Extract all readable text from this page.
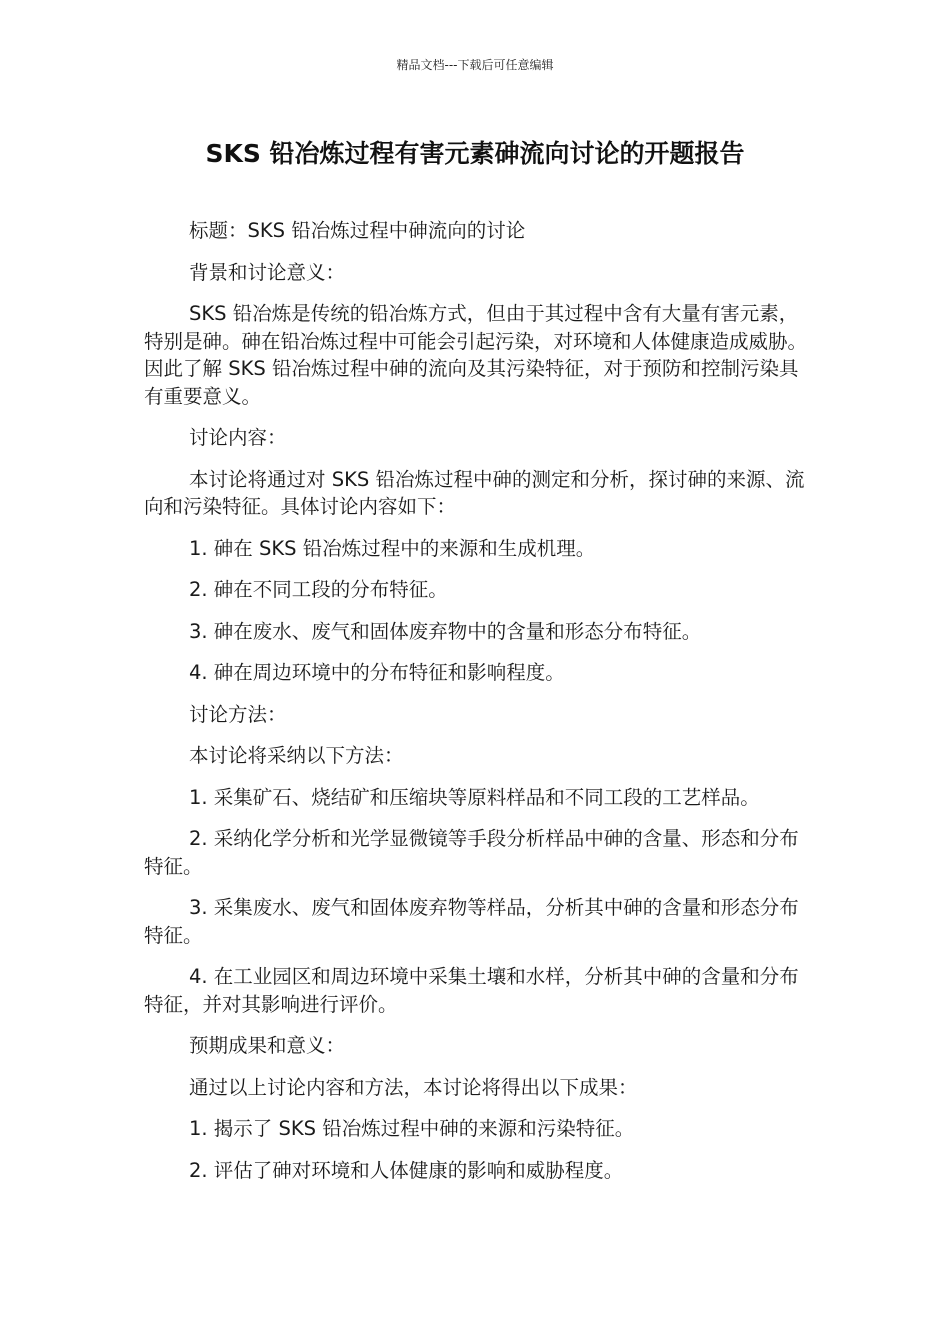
精品文档---下载后可任意编辑
SKS 铅冶炼过程有害元素砷流向讨论的开题报告

标题：SKS 铅冶炼过程中砷流向的讨论

背景和讨论意义：

SKS 铅冶炼是传统的铅冶炼方式，但由于其过程中含有大量有害元素，特别是砷。砷在铅冶炼过程中可能会引起污染，对环境和人体健康造成威胁。因此了解 SKS 铅冶炼过程中砷的流向及其污染特征，对于预防和控制污染具有重要意义。

讨论内容：

本讨论将通过对 SKS 铅冶炼过程中砷的测定和分析，探讨砷的来源、流向和污染特征。具体讨论内容如下：

1. 砷在 SKS 铅冶炼过程中的来源和生成机理。

2. 砷在不同工段的分布特征。

3. 砷在废水、废气和固体废弃物中的含量和形态分布特征。

4. 砷在周边环境中的分布特征和影响程度。

讨论方法：

本讨论将采纳以下方法：

1. 采集矿石、烧结矿和压缩块等原料样品和不同工段的工艺样品。

2. 采纳化学分析和光学显微镜等手段分析样品中砷的含量、形态和分布特征。

3. 采集废水、废气和固体废弃物等样品，分析其中砷的含量和形态分布特征。

4. 在工业园区和周边环境中采集土壤和水样，分析其中砷的含量和分布特征，并对其影响进行评价。

预期成果和意义：

通过以上讨论内容和方法，本讨论将得出以下成果：

1. 揭示了 SKS 铅冶炼过程中砷的来源和污染特征。

2. 评估了砷对环境和人体健康的影响和威胁程度。
